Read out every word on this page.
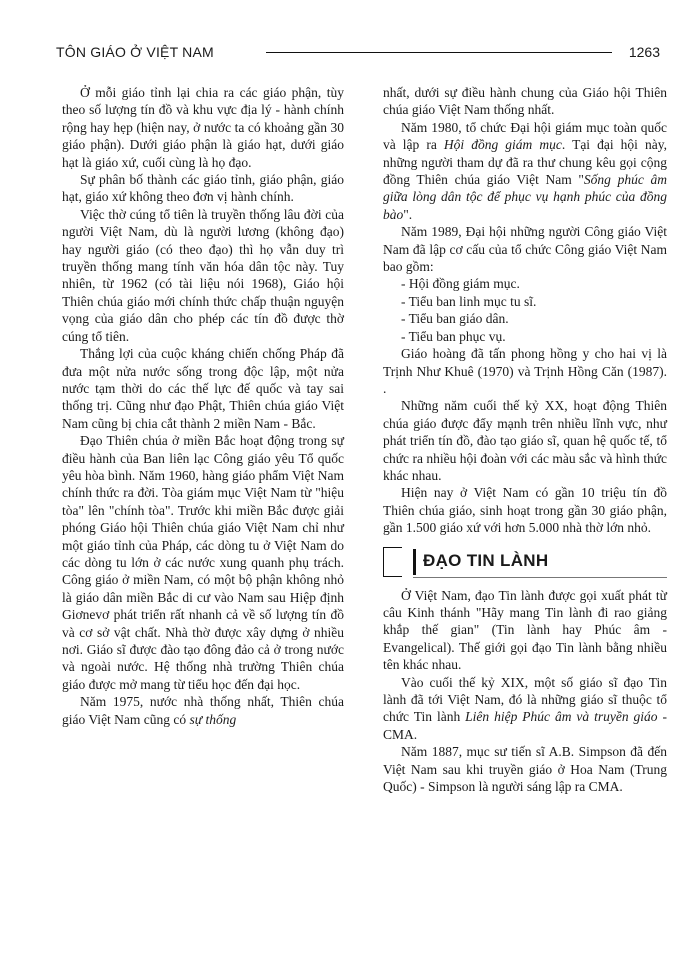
TÔN GIÁO Ở VIỆT NAM	1263

Ở mỗi giáo tỉnh lại chia ra các giáo phận, tùy theo số lượng tín đồ và khu vực địa lý - hành chính rộng hay hẹp (hiện nay, ở nước ta có khoảng gần 30 giáo phận). Dưới giáo phận là giáo hạt, dưới giáo hạt là giáo xứ, cuối cùng là họ đạo.

Sự phân bố thành các giáo tỉnh, giáo phận, giáo hạt, giáo xứ không theo đơn vị hành chính.

Việc thờ cúng tổ tiên là truyền thống lâu đời của người Việt Nam, dù là người lương (không đạo) hay người giáo (có theo đạo) thì họ vẫn duy trì truyền thống mang tính văn hóa dân tộc này. Tuy nhiên, từ 1962 (có tài liệu nói 1968), Giáo hội Thiên chúa giáo mới chính thức chấp thuận nguyện vọng của giáo dân cho phép các tín đồ được thờ cúng tổ tiên.

Thắng lợi của cuộc kháng chiến chống Pháp đã đưa một nửa nước sống trong độc lập, một nửa nước tạm thời do các thế lực đế quốc và tay sai thống trị. Cũng như đạo Phật, Thiên chúa giáo Việt Nam cũng bị chia cắt thành 2 miền Nam - Bắc.

Đạo Thiên chúa ở miền Bắc hoạt động trong sự điều hành của Ban liên lạc Công giáo yêu Tổ quốc yêu hòa bình. Năm 1960, hàng giáo phẩm Việt Nam chính thức ra đời. Tòa giám mục Việt Nam từ "hiệu tòa" lên "chính tòa". Trước khi miền Bắc được giải phóng Giáo hội Thiên chúa giáo Việt Nam chỉ như một giáo tỉnh của Pháp, các dòng tu ở Việt Nam do các dòng tu lớn ở các nước xung quanh phụ trách. Công giáo ở miền Nam, có một bộ phận không nhỏ là giáo dân miền Bắc di cư vào Nam sau Hiệp định Giơnevơ phát triển rất nhanh cả về số lượng tín đồ và cơ sở vật chất. Nhà thờ được xây dựng ở nhiều nơi. Giáo sĩ được đào tạo đông đảo cả ở trong nước và ngoài nước. Hệ thống nhà trường Thiên chúa giáo được mở mang từ tiểu học đến đại học.

Năm 1975, nước nhà thống nhất, Thiên chúa giáo Việt Nam cũng có sự thống

nhất, dưới sự điều hành chung của Giáo hội Thiên chúa giáo Việt Nam thống nhất.

Năm 1980, tổ chức Đại hội giám mục toàn quốc và lập ra Hội đồng giám mục. Tại đại hội này, những người tham dự đã ra thư chung kêu gọi cộng đồng Thiên chúa giáo Việt Nam "Sống phúc âm giữa lòng dân tộc để phục vụ hạnh phúc của đồng bào".

Năm 1989, Đại hội những người Công giáo Việt Nam đã lập cơ cấu của tổ chức Công giáo Việt Nam bao gồm:

- Hội đồng giám mục.

- Tiểu ban linh mục tu sĩ.

- Tiểu ban giáo dân.

- Tiểu ban phục vụ.

Giáo hoàng đã tấn phong hồng y cho hai vị là Trịnh Như Khuê (1970) và Trịnh Hồng Căn (1987). .

Những năm cuối thế kỷ XX, hoạt động Thiên chúa giáo được đẩy mạnh trên nhiều lĩnh vực, như phát triển tín đồ, đào tạo giáo sĩ, quan hệ quốc tế, tổ chức ra nhiều hội đoàn với các màu sắc và hình thức khác nhau.

Hiện nay ở Việt Nam có gần 10 triệu tín đồ Thiên chúa giáo, sinh hoạt trong gần 30 giáo phận, gần 1.500 giáo xứ với hơn 5.000 nhà thờ lớn nhỏ.

ĐẠO TIN LÀNH

Ở Việt Nam, đạo Tin lành được gọi xuất phát từ câu Kinh thánh "Hãy mang Tin lành đi rao giảng khắp thế gian" (Tin lành hay Phúc âm - Evangelical). Thế giới gọi đạo Tin lành bằng nhiều tên khác nhau.

Vào cuối thế kỷ XIX, một số giáo sĩ đạo Tin lành đã tới Việt Nam, đó là những giáo sĩ thuộc tổ chức Tin lành Liên hiệp Phúc âm và truyền giáo - CMA.

Năm 1887, mục sư tiến sĩ A.B. Simpson đã đến Việt Nam sau khi truyền giáo ở Hoa Nam (Trung Quốc) - Simpson là người sáng lập ra CMA.
